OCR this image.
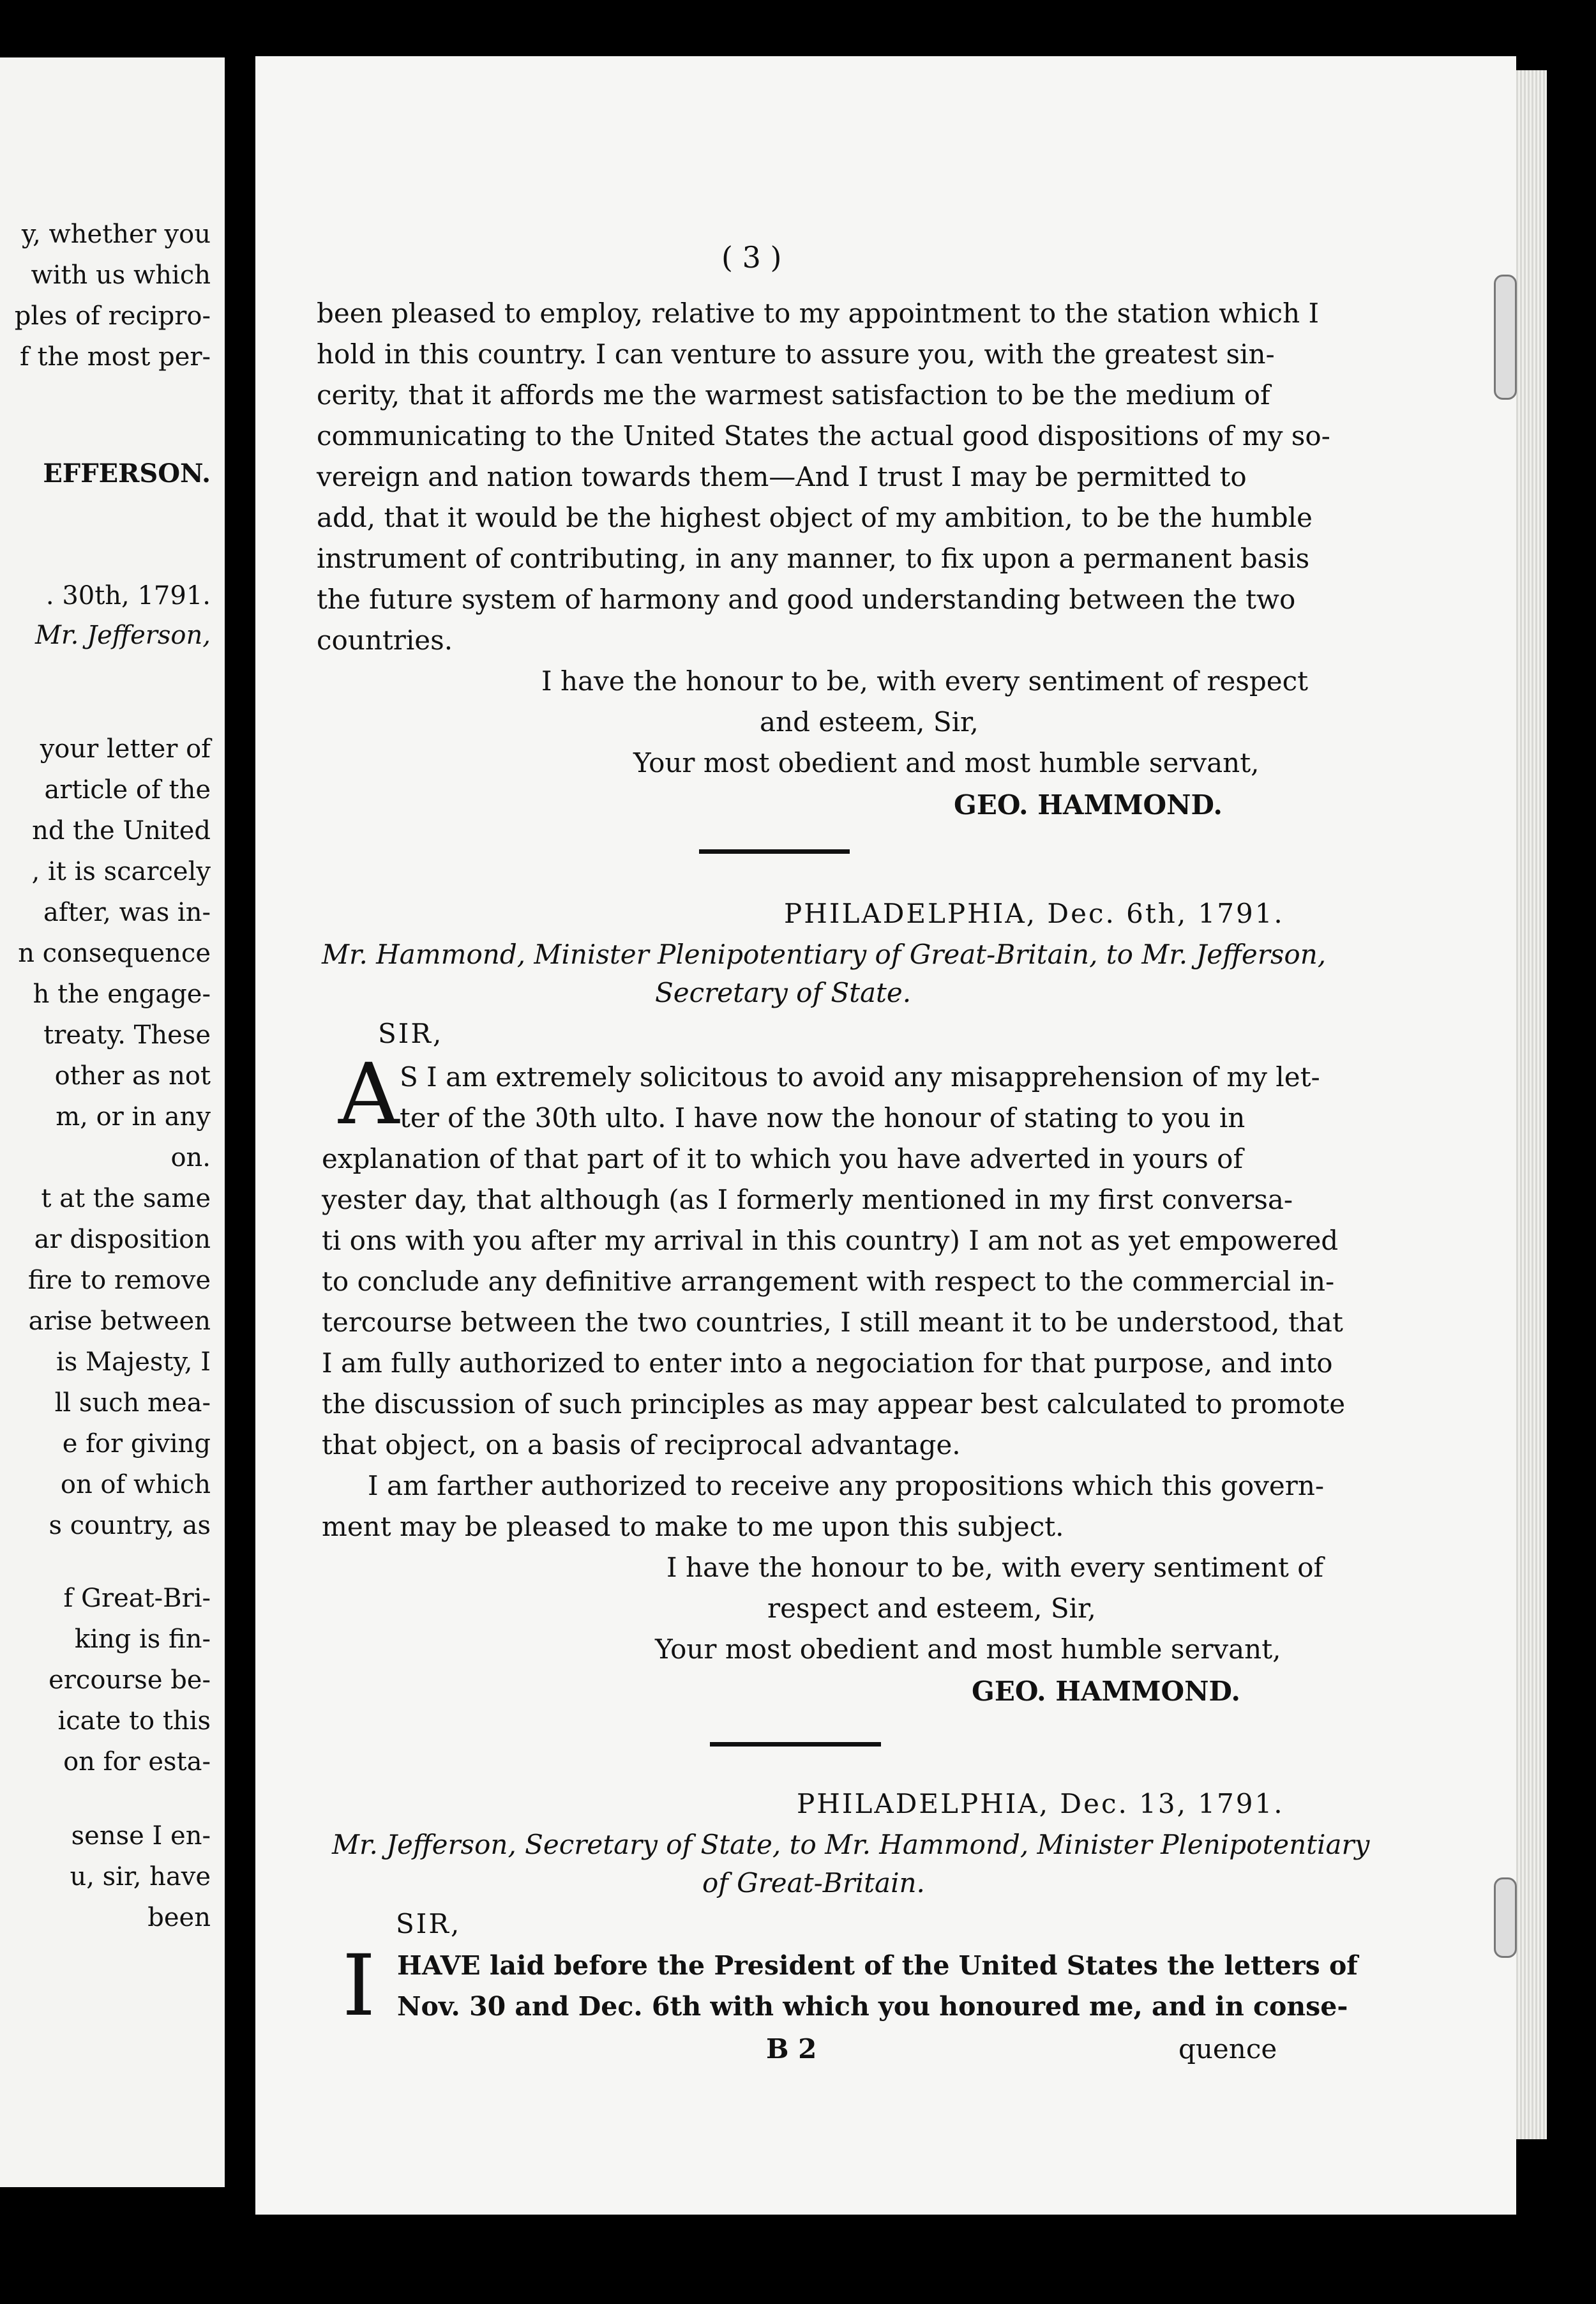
y, whether you
with us which
ples of recipro-
f the most per-
EFFERSON.
. 30th, 1791.
Mr. Jefferson,
your letter of
article of the
nd the United
, it is scarcely
after, was in-
n consequence
h the engage-
treaty. These
other as not
m, or in any
on.
t at the same
ar disposition
fire to remove
arise between
is Majesty, I
ll such mea-
e for giving
on of which
s country, as
f Great-Bri-
king is fin-
ercourse be-
icate to this
on for esta-
sense I en-
u, sir, have
been
( 3 )
been pleased to employ, relative to my appointment to the station which I
hold in this country. I can venture to assure you, with the greatest sin-
cerity, that it affords me the warmest satisfaction to be the medium of
communicating to the United States the actual good dispositions of my so-
vereign and nation towards them—And I trust I may be permitted to
add, that it would be the highest object of my ambition, to be the humble
instrument of contributing, in any manner, to fix upon a permanent basis
the future system of harmony and good understanding between the two
countries.
I have the honour to be, with every sentiment of respect
and esteem, Sir,
Your most obedient and most humble servant,
GEO. HAMMOND.
PHILADELPHIA, Dec. 6th, 1791.
Mr. Hammond, Minister Plenipotentiary of Great-Britain, to Mr. Jefferson,
Secretary of State.
SIR,
A S I am extremely solicitous to avoid any misapprehension of my let-
ter of the 30th ulto. I have now the honour of stating to you in
explanation of that part of it to which you have adverted in yours of
yester day, that although (as I formerly mentioned in my first conversa-
ti ons with you after my arrival in this country) I am not as yet empowered
to conclude any definitive arrangement with respect to the commercial in-
tercourse between the two countries, I still meant it to be understood, that
I am fully authorized to enter into a negociation for that purpose, and into
the discussion of such principles as may appear best calculated to promote
that object, on a basis of reciprocal advantage.
I am farther authorized to receive any propositions which this govern-
ment may be pleased to make to me upon this subject.
I have the honour to be, with every sentiment of
respect and esteem, Sir,
Your most obedient and most humble servant,
GEO. HAMMOND.
PHILADELPHIA, Dec. 13, 1791.
Mr. Jefferson, Secretary of State, to Mr. Hammond, Minister Plenipotentiary
of Great-Britain.
SIR,
I HAVE laid before the President of the United States the letters of
Nov. 30 and Dec. 6th with which you honoured me, and in conse-
B 2	quence
